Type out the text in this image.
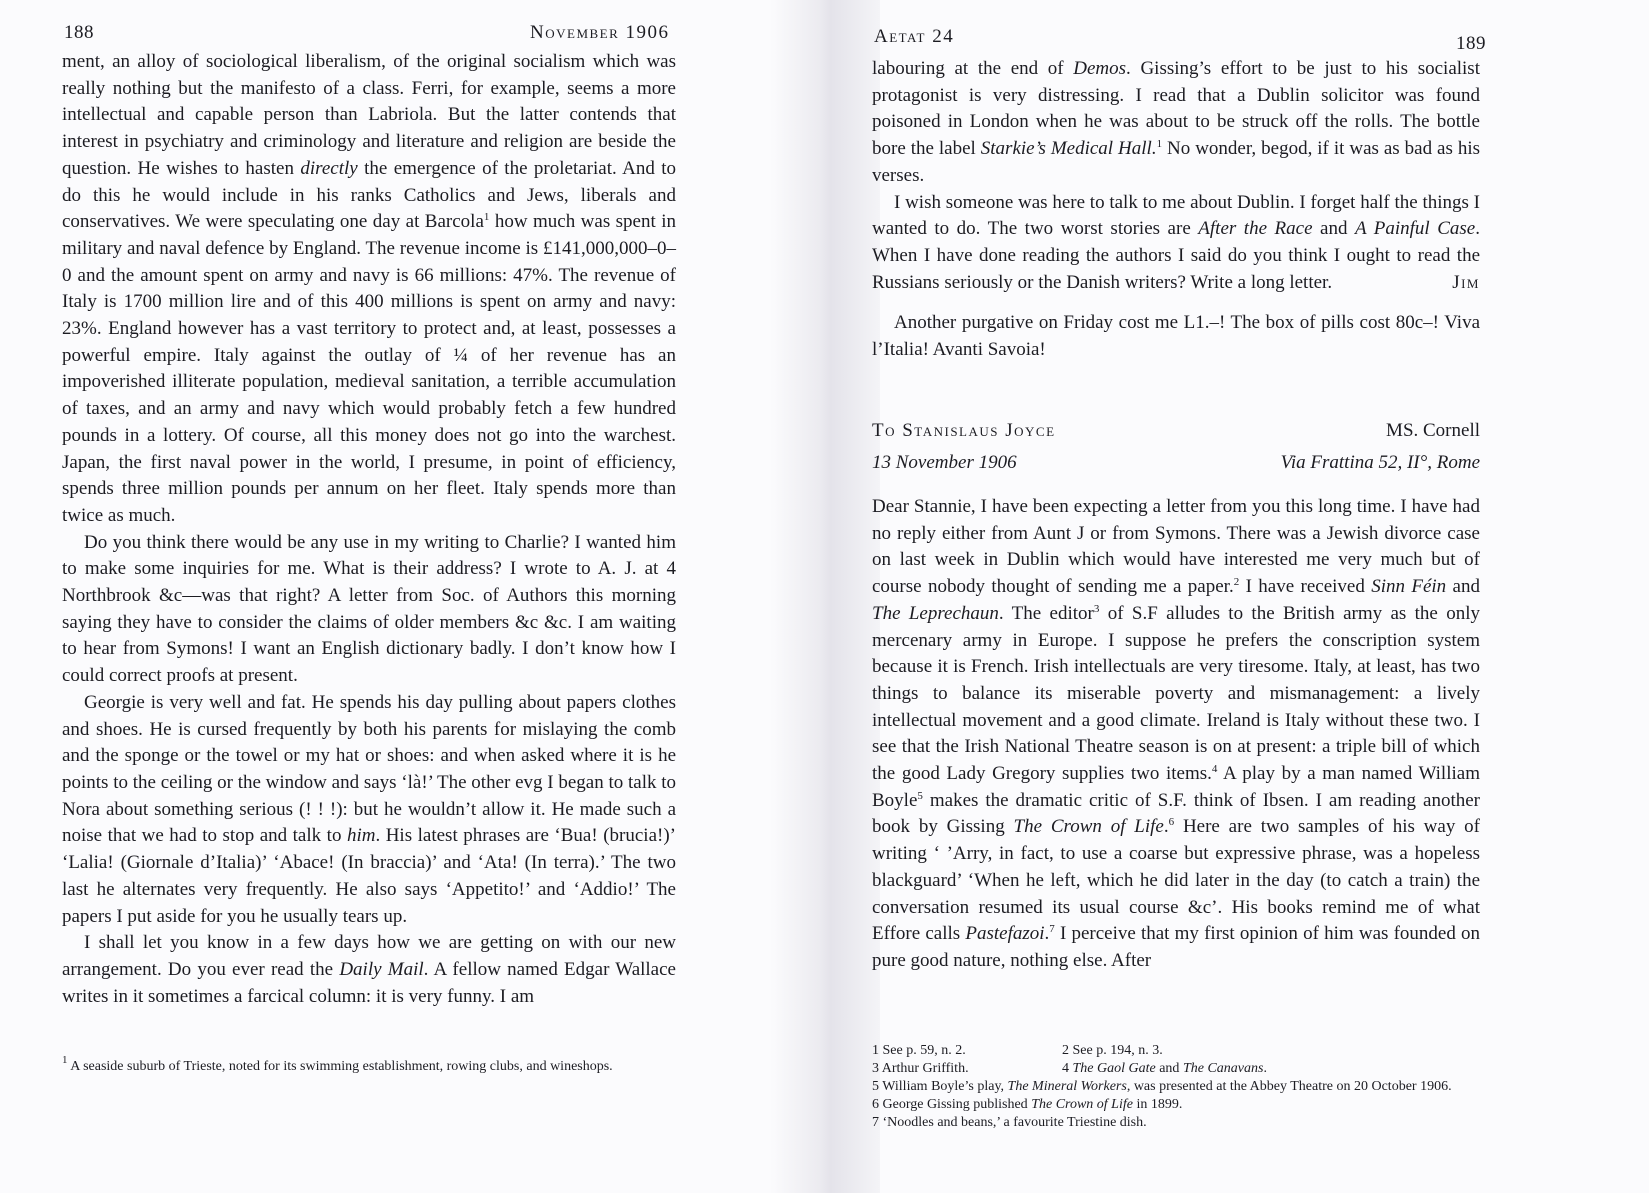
188	November 1906

ment, an alloy of sociological liberalism, of the original socialism which was really nothing but the manifesto of a class. Ferri, for example, seems a more intellectual and capable person than Labriola. But the latter contends that interest in psychiatry and criminology and literature and religion are beside the question. He wishes to hasten directly the emergence of the proletariat. And to do this he would include in his ranks Catholics and Jews, liberals and conservatives. We were speculating one day at Barcola$^1$ how much was spent in military and naval defence by England. The revenue income is £141,000,000–0–0 and the amount spent on army and navy is 66 millions: 47%. The revenue of Italy is 1700 million lire and of this 400 millions is spent on army and navy: 23%. England however has a vast territory to protect and, at least, possesses a powerful empire. Italy against the outlay of ¼ of her revenue has an impoverished illiterate population, medieval sanitation, a terrible accumulation of taxes, and an army and navy which would probably fetch a few hundred pounds in a lottery. Of course, all this money does not go into the warchest. Japan, the first naval power in the world, I presume, in point of efficiency, spends three million pounds per annum on her fleet. Italy spends more than twice as much.

Do you think there would be any use in my writing to Charlie? I wanted him to make some inquiries for me. What is their address? I wrote to A. J. at 4 Northbrook &c—was that right? A letter from Soc. of Authors this morning saying they have to consider the claims of older members &c &c. I am waiting to hear from Symons! I want an English dictionary badly. I don’t know how I could correct proofs at present.

Georgie is very well and fat. He spends his day pulling about papers clothes and shoes. He is cursed frequently by both his parents for mislaying the comb and the sponge or the towel or my hat or shoes: and when asked where it is he points to the ceiling or the window and says ‘là!’ The other evg I began to talk to Nora about something serious (! ! !): but he wouldn’t allow it. He made such a noise that we had to stop and talk to him. His latest phrases are ‘Bua! (brucia!)’ ‘Lalia! (Giornale d’Italia)’ ‘Abace! (In braccia)’ and ‘Ata! (In terra).’ The two last he alternates very frequently. He also says ‘Appetito!’ and ‘Addio!’ The papers I put aside for you he usually tears up.

I shall let you know in a few days how we are getting on with our new arrangement. Do you ever read the Daily Mail. A fellow named Edgar Wallace writes in it sometimes a farcical column: it is very funny. I am

$^1$ A seaside suburb of Trieste, noted for its swimming establishment, rowing clubs, and wineshops.
Aetat 24	189

labouring at the end of Demos. Gissing’s effort to be just to his socialist protagonist is very distressing. I read that a Dublin solicitor was found poisoned in London when he was about to be struck off the rolls. The bottle bore the label Starkie’s Medical Hall.$^1$ No wonder, begod, if it was as bad as his verses.

I wish someone was here to talk to me about Dublin. I forget half the things I wanted to do. The two worst stories are After the Race and A Painful Case. When I have done reading the authors I said do you think I ought to read the Russians seriously or the Danish writers? Write a long letter.	Jim

Another purgative on Friday cost me L1.–! The box of pills cost 80c–! Viva l’Italia! Avanti Savoia!

To Stanislaus Joyce	MS. Cornell
13 November 1906	Via Frattina 52, II°, Rome

Dear Stannie, I have been expecting a letter from you this long time. I have had no reply either from Aunt J or from Symons. There was a Jewish divorce case on last week in Dublin which would have interested me very much but of course nobody thought of sending me a paper.$^2$ I have received Sinn Féin and The Leprechaun. The editor$^3$ of S.F alludes to the British army as the only mercenary army in Europe. I suppose he prefers the conscription system because it is French. Irish intellectuals are very tiresome. Italy, at least, has two things to balance its miserable poverty and mismanagement: a lively intellectual movement and a good climate. Ireland is Italy without these two. I see that the Irish National Theatre season is on at present: a triple bill of which the good Lady Gregory supplies two items.$^4$ A play by a man named William Boyle$^5$ makes the dramatic critic of S.F. think of Ibsen. I am reading another book by Gissing The Crown of Life.$^6$ Here are two samples of his way of writing ‘ ’Arry, in fact, to use a coarse but expressive phrase, was a hopeless blackguard’ ‘When he left, which he did later in the day (to catch a train) the conversation resumed its usual course &c’. His books remind me of what Effore calls Pastefazoi.$^7$ I perceive that my first opinion of him was founded on pure good nature, nothing else. After

1 See p. 59, n. 2.	2 See p. 194, n. 3.
3 Arthur Griffith.	4 The Gaol Gate and The Canavans.
5 William Boyle’s play, The Mineral Workers, was presented at the Abbey Theatre on 20 October 1906.
6 George Gissing published The Crown of Life in 1899.
7 ‘Noodles and beans,’ a favourite Triestine dish.
